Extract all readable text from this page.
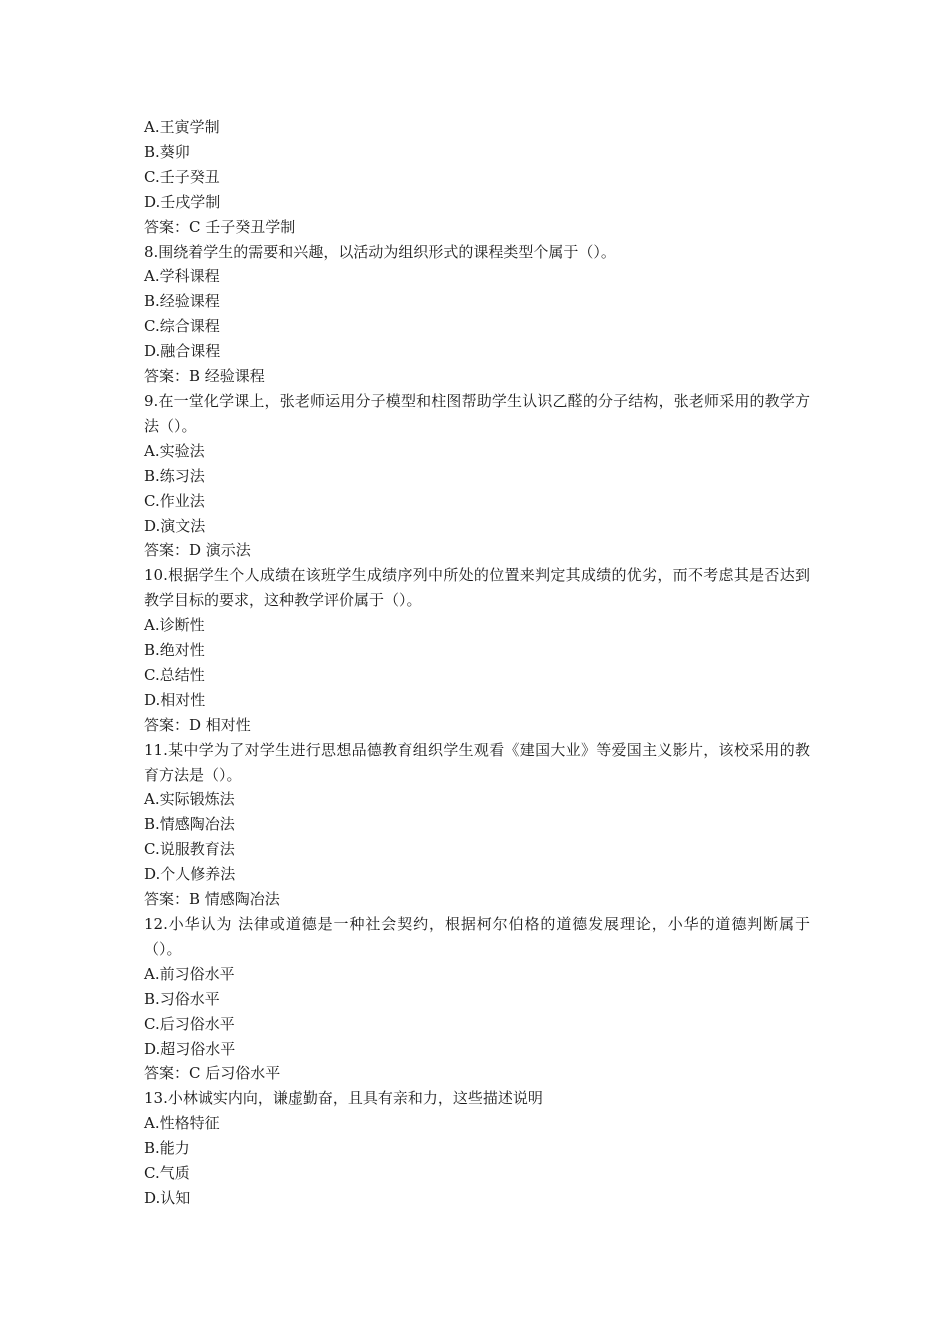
A.王寅学制
B.葵卯
C.壬子癸丑
D.壬戌学制
答案：C 壬子癸丑学制
8.围绕着学生的需要和兴趣，以活动为组织形式的课程类型个属于（）。
A.学科课程
B.经验课程
C.综合课程
D.融合课程
答案：B 经验课程
9.在一堂化学课上，张老师运用分子模型和柱图帮助学生认识乙醛的分子结构，张老师采用的教学方法（）。
A.实验法
B.练习法
C.作业法
D.演文法
答案：D 演示法
10.根据学生个人成绩在该班学生成绩序列中所处的位置来判定其成绩的优劣，而不考虑其是否达到教学目标的要求，这种教学评价属于（）。
A.诊断性
B.绝对性
C.总结性
D.相对性
答案：D 相对性
11.某中学为了对学生进行思想品德教育组织学生观看《建国大业》等爱国主义影片，该校采用的教育方法是（）。
A.实际锻炼法
B.情感陶冶法
C.说服教育法
D.个人修养法
答案：B 情感陶冶法
12.小华认为 法律或道德是一种社会契约，根据柯尔伯格的道德发展理论，小华的道德判断属于（）。
A.前习俗水平
B.习俗水平
C.后习俗水平
D.超习俗水平
答案：C 后习俗水平
13.小林诚实内向，谦虚勤奋，且具有亲和力，这些描述说明
A.性格特征
B.能力
C.气质
D.认知
